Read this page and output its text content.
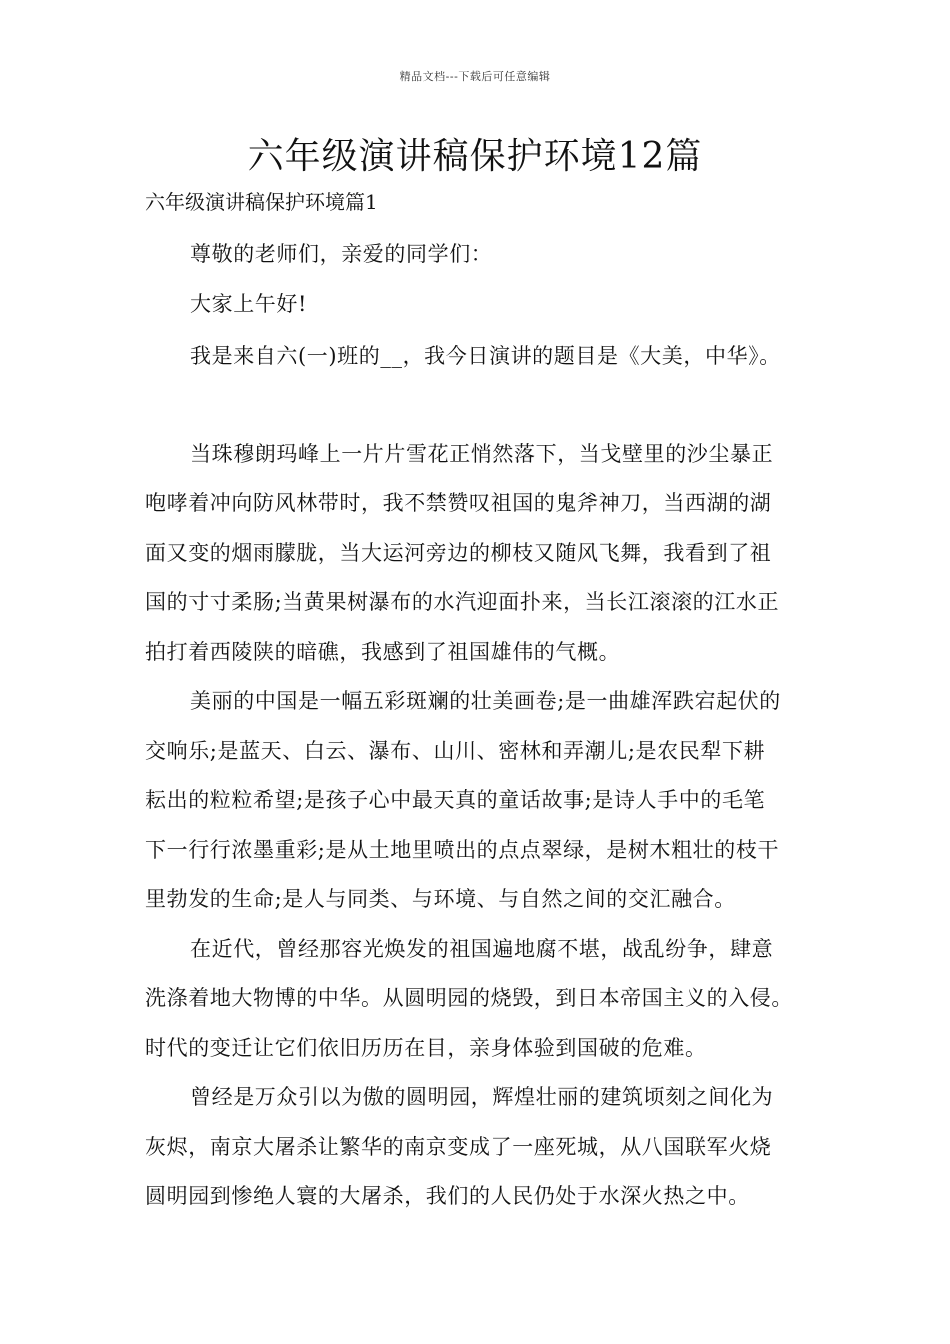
精品文档---下载后可任意编辑
六年级演讲稿保护环境12篇
六年级演讲稿保护环境篇1
尊敬的老师们，亲爱的同学们：
大家上午好!
我是来自六(一)班的__，我今日演讲的题目是《大美，中华》。
当珠穆朗玛峰上一片片雪花正悄然落下，当戈壁里的沙尘暴正
咆哮着冲向防风林带时，我不禁赞叹祖国的鬼斧神刀，当西湖的湖
面又变的烟雨朦胧，当大运河旁边的柳枝又随风飞舞，我看到了祖
国的寸寸柔肠;当黄果树瀑布的水汽迎面扑来，当长江滚滚的江水正
拍打着西陵陕的暗礁，我感到了祖国雄伟的气概。
美丽的中国是一幅五彩斑斓的壮美画卷;是一曲雄浑跌宕起伏的
交响乐;是蓝天、白云、瀑布、山川、密林和弄潮儿;是农民犁下耕
耘出的粒粒希望;是孩子心中最天真的童话故事;是诗人手中的毛笔
下一行行浓墨重彩;是从土地里喷出的点点翠绿，是树木粗壮的枝干
里勃发的生命;是人与同类、与环境、与自然之间的交汇融合。
在近代，曾经那容光焕发的祖国遍地腐不堪，战乱纷争，肆意
洗涤着地大物博的中华。从圆明园的烧毁，到日本帝国主义的入侵。
时代的变迁让它们依旧历历在目，亲身体验到国破的危难。
曾经是万众引以为傲的圆明园，辉煌壮丽的建筑顷刻之间化为
灰烬，南京大屠杀让繁华的南京变成了一座死城，从八国联军火烧
圆明园到惨绝人寰的大屠杀，我们的人民仍处于水深火热之中。
